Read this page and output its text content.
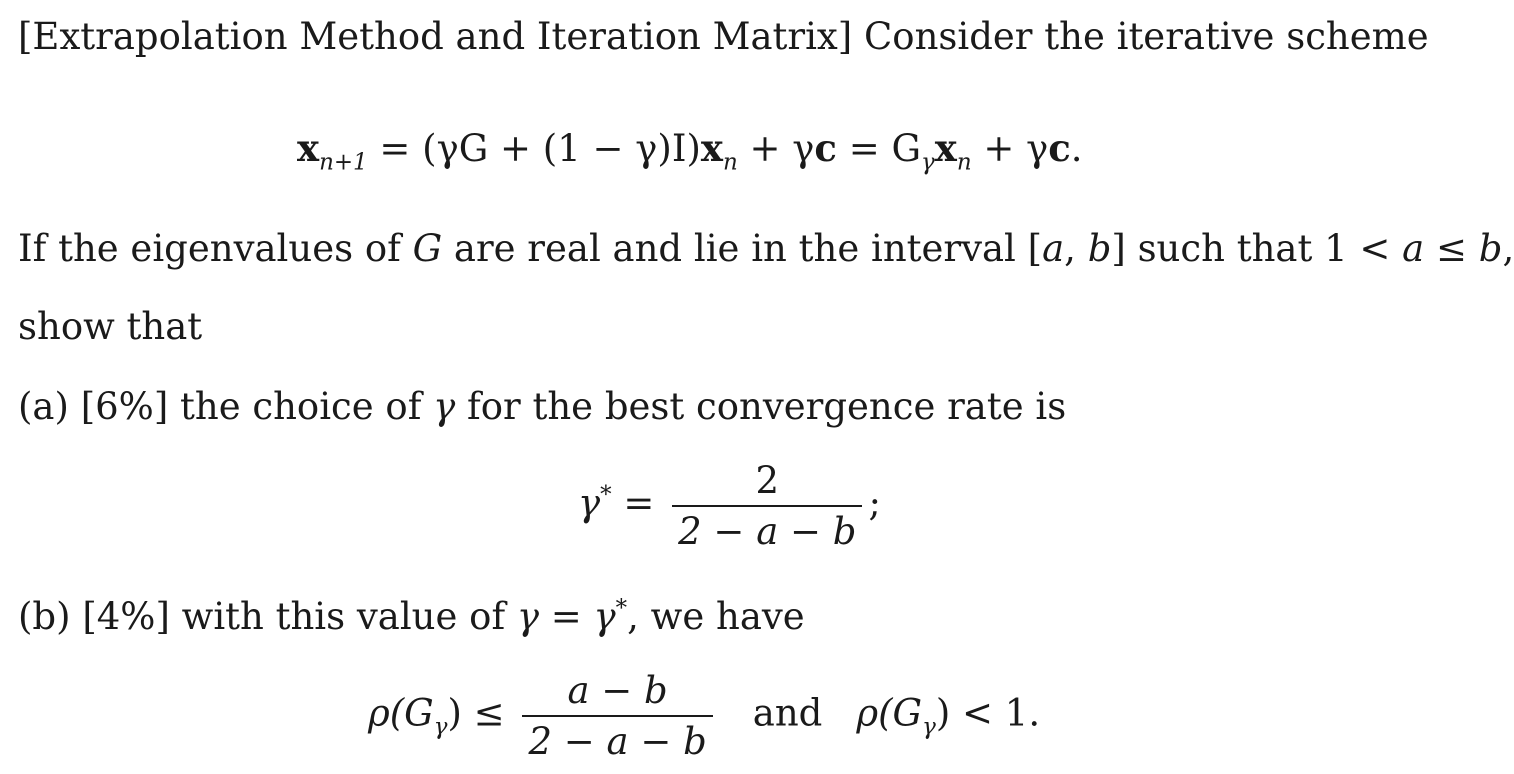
[Extrapolation Method and Iteration Matrix] Consider the iterative scheme
$x_{n+1} = (\gamma G + (1 - \gamma)I)x_n + \gamma c = G_\gamma x_n + \gamma c$.
If the eigenvalues of G are real and lie in the interval [a, b] such that 1 < a ≤ b,
show that
(a) [6%] the choice of γ for the best convergence rate is
$\gamma^* = \frac{2}{2 - a - b}$ ;
(b) [4%] with this value of γ = γ*, we have
$\rho(G_\gamma) \le \frac{a - b}{2 - a - b}$ and $\rho(G_\gamma) < 1$.
